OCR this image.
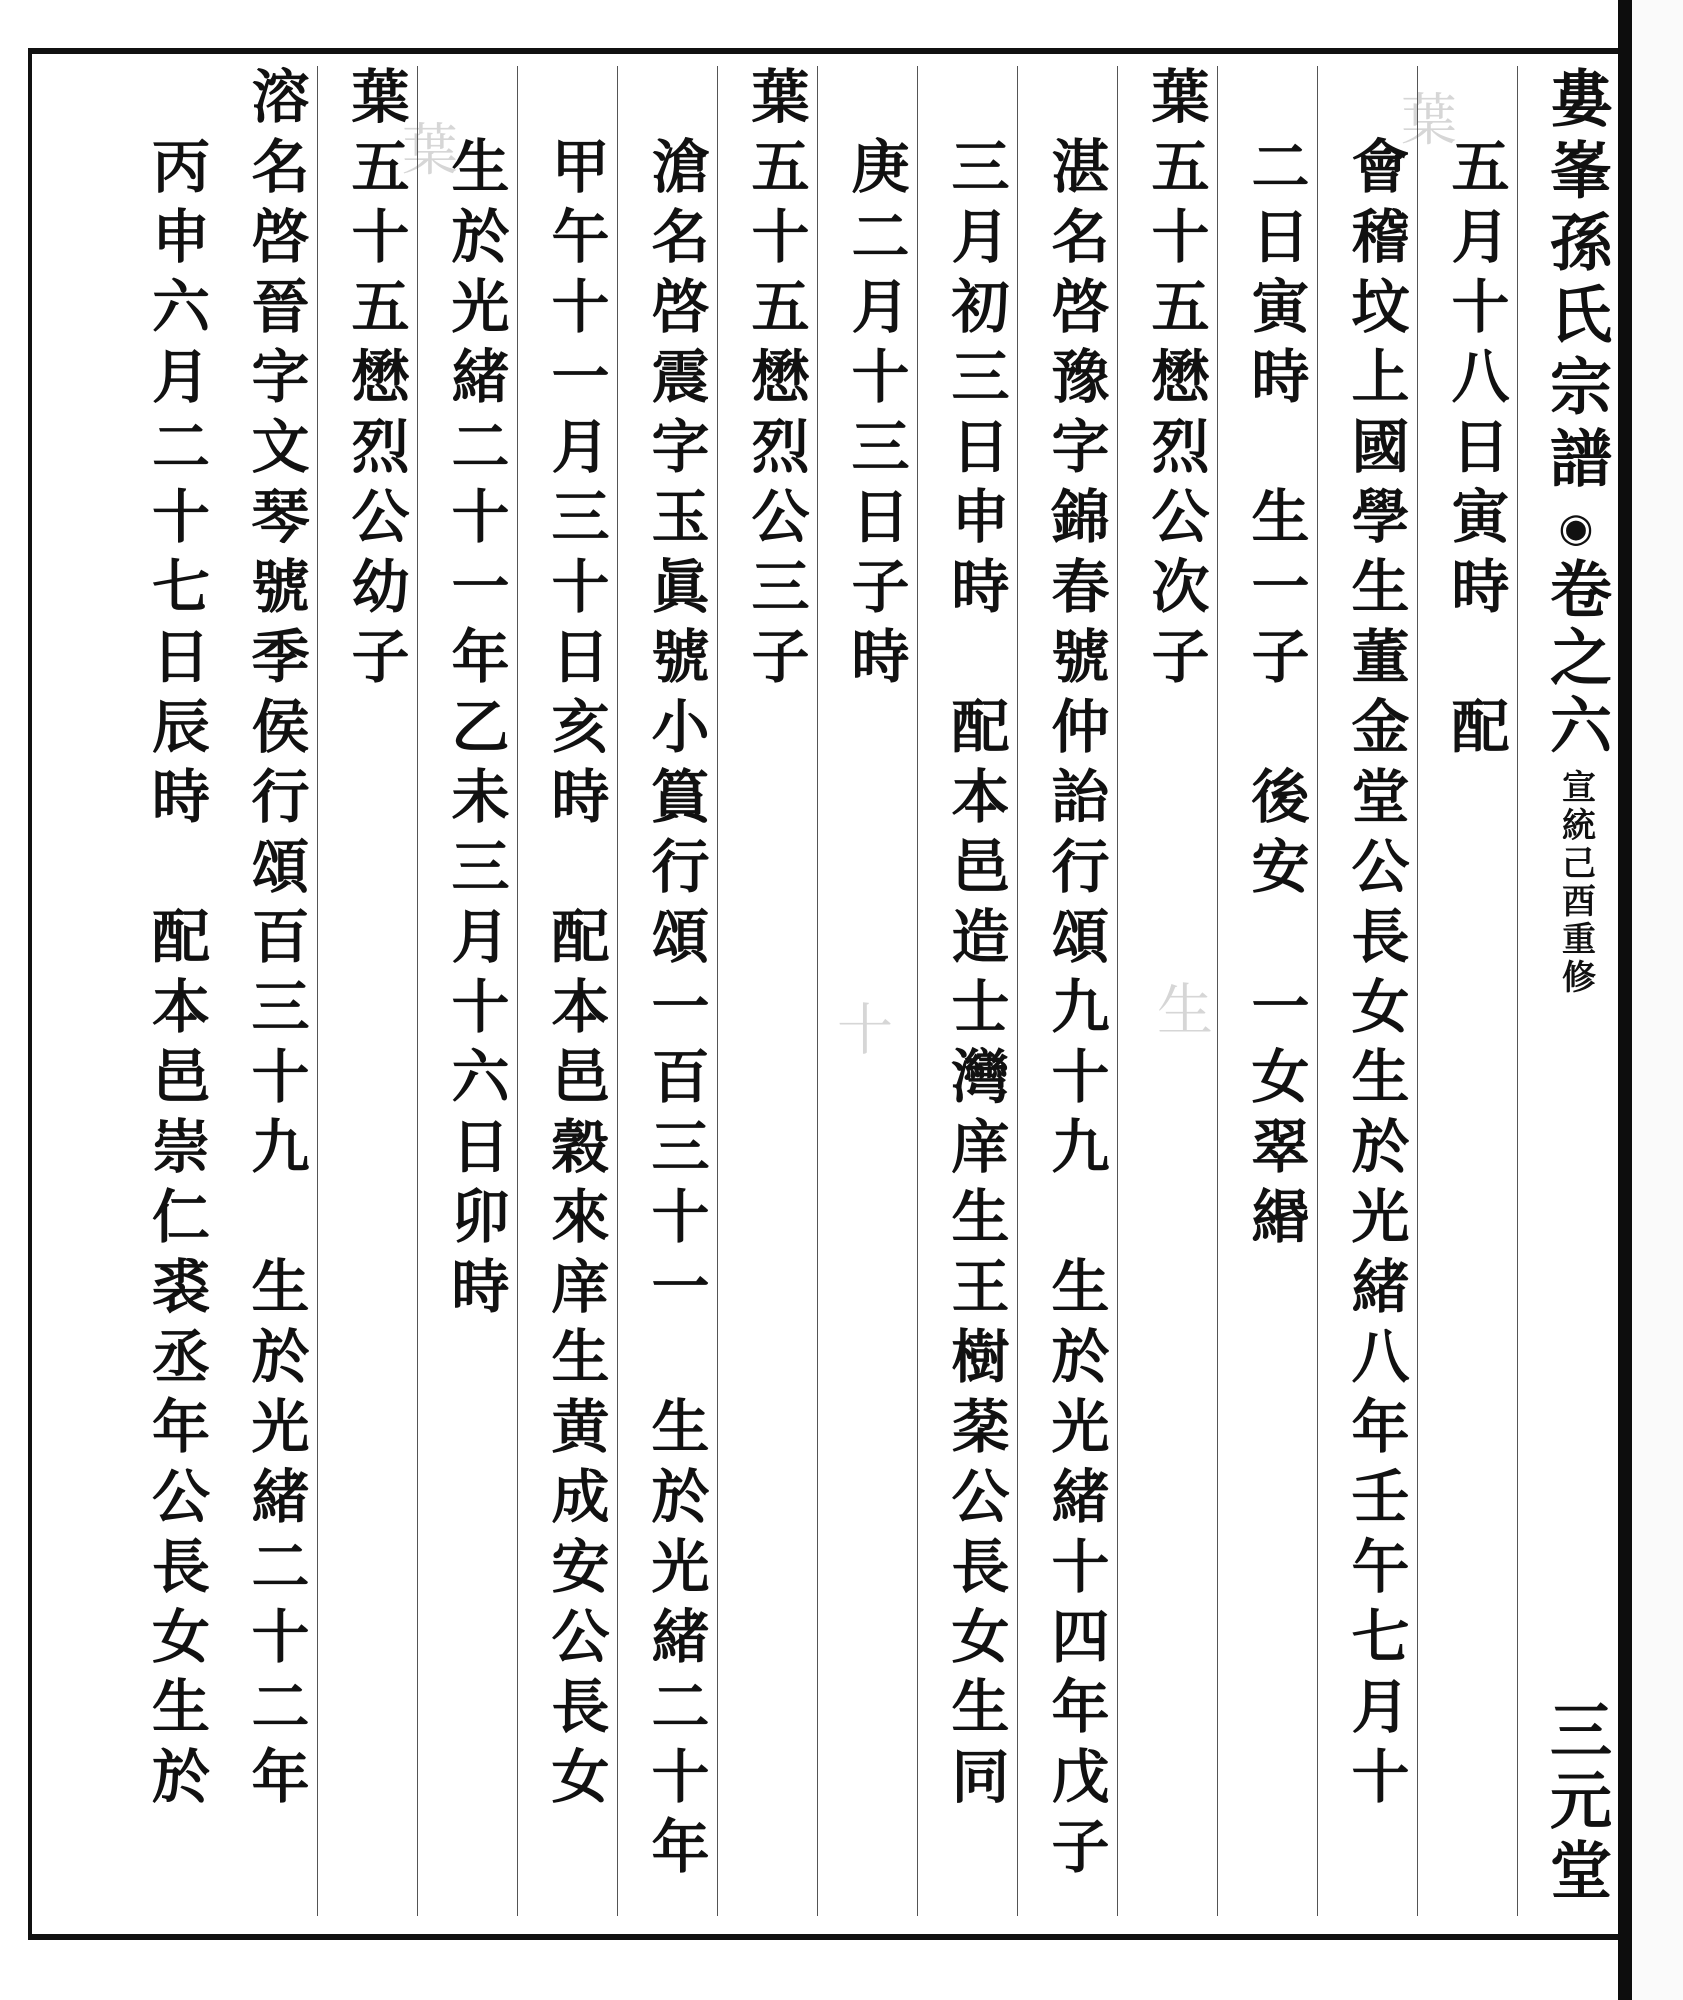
葉
生
十
葉	婁峯孫氏宗譜
◉
卷之六
宣統己酉重修
三元堂
五月十八日寅時　配
會稽坟上國學生董金堂公長女生於光緒八年壬午七月十
二日寅時　生一子　後安　一女翠緡
葉五十五懋烈公次子
湛名啓豫字錦春號仲詒行頌九十九　生於光緒十四年戊子
三月初三日申時　配本邑造士灣庠生王樹棻公長女生同
庚二月十三日子時
葉五十五懋烈公三子
滄名啓震字玉眞號小篔行頌一百三十一　生於光緒二十年
甲午十一月三十日亥時　配本邑穀來庠生黄成安公長女
生於光緒二十一年乙未三月十六日卯時
葉五十五懋烈公幼子
溶名啓晉字文琴號季侯行頌百三十九　生於光緒二十二年
丙申六月二十七日辰時　配本邑崇仁裘丞年公長女生於
